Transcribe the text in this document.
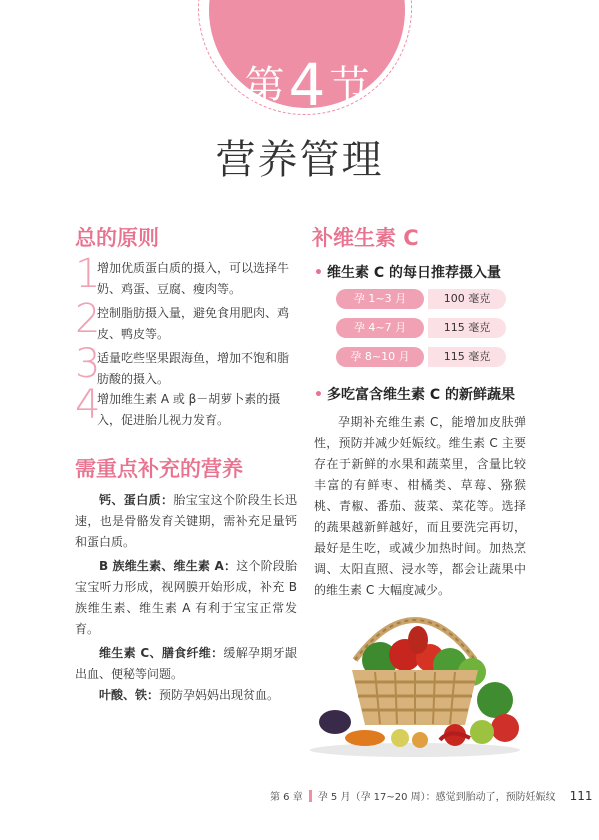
第4 节
营养管理
总的原则
1
增加优质蛋白质的摄入，可以选择牛奶、鸡蛋、豆腐、瘦肉等。
2
控制脂肪摄入量，避免食用肥肉、鸡皮、鸭皮等。
3
适量吃些坚果跟海鱼，增加不饱和脂肪酸的摄入。
4
增加维生素 A 或 β－胡萝卜素的摄入，促进胎儿视力发育。
需重点补充的营养

钙、蛋白质：胎宝宝这个阶段生长迅速，也是骨骼发育关键期，需补充足量钙和蛋白质。

B 族维生素、维生素 A：这个阶段胎宝宝听力形成，视网膜开始形成，补充 B 族维生素、维生素 A 有利于宝宝正常发育。

维生素 C、膳食纤维：缓解孕期牙龈出血、便秘等问题。

叶酸、铁：预防孕妈妈出现贫血。

补维生素 C
• 维生素 C 的每日推荐摄入量
孕 1~3 月	100 毫克
孕 4~7 月	115 毫克
孕 8~10 月	115 毫克
• 多吃富含维生素 C 的新鲜蔬果

孕期补充维生素 C，能增加皮肤弹性，预防并减少妊娠纹。维生素 C 主要存在于新鲜的水果和蔬菜里，含量比较丰富的有鲜枣、柑橘类、草莓、猕猴桃、青椒、番茄、菠菜、菜花等。选择的蔬果越新鲜越好，而且要洗完再切，最好是生吃，或减少加热时间。加热烹调、太阳直照、浸水等，都会让蔬果中的维生素 C 大幅度减少。

第 6 章 孕 5 月（孕 17~20 周）：感觉到胎动了，预防妊娠纹 111
